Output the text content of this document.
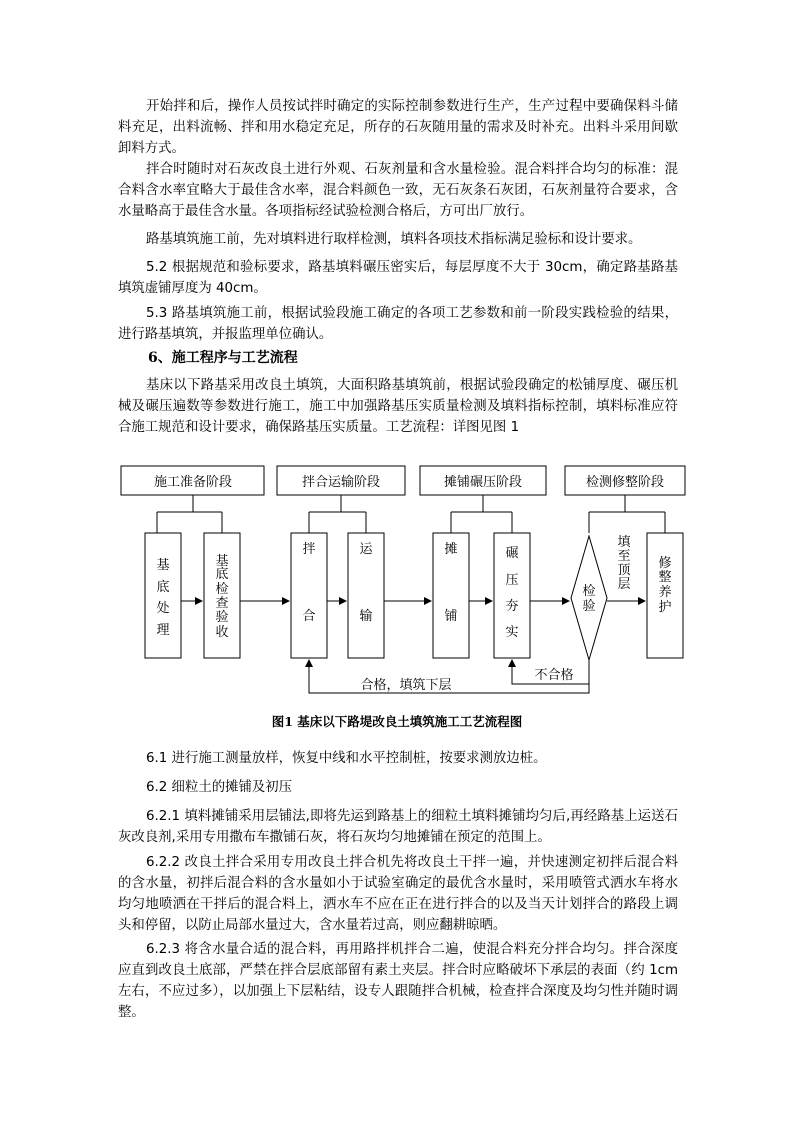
开始拌和后，操作人员按试拌时确定的实际控制参数进行生产，生产过程中要确保料斗储料充足，出料流畅、拌和用水稳定充足，所存的石灰随用量的需求及时补充。出料斗采用间歇卸料方式。

拌合时随时对石灰改良土进行外观、石灰剂量和含水量检验。混合料拌合均匀的标准：混合料含水率宜略大于最佳含水率，混合料颜色一致，无石灰条石灰团，石灰剂量符合要求，含水量略高于最佳含水量。各项指标经试验检测合格后，方可出厂放行。

路基填筑施工前，先对填料进行取样检测，填料各项技术指标满足验标和设计要求。

5.2 根据规范和验标要求，路基填料碾压密实后，每层厚度不大于 30cm，确定路基路基填筑虚铺厚度为 40cm。

5.3 路基填筑施工前，根据试验段施工确定的各项工艺参数和前一阶段实践检验的结果，进行路基填筑，并报监理单位确认。

6、施工程序与工艺流程

基床以下路基采用改良土填筑，大面积路基填筑前，根据试验段确定的松铺厚度、碾压机械及碾压遍数等参数进行施工，施工中加强路基压实质量检测及填料指标控制，填料标准应符合施工规范和设计要求，确保路基压实质量。工艺流程：详图见图 1

施工准备阶段	拌合运输阶段	摊铺碾压阶段	检测修整阶段
基
底
处
理
基
底
检
查
验
收
拌
合
运
输
摊
铺
碾
压
夯
实
检
验
修
整
养
护
填
至
顶
层
不合格
合格，填筑下层

图1 基床以下路堤改良土填筑施工工艺流程图

6.1 进行施工测量放样，恢复中线和水平控制桩，按要求测放边桩。

6.2 细粒土的摊铺及初压

6.2.1 填料摊铺采用层铺法,即将先运到路基上的细粒土填料摊铺均匀后,再经路基上运送石灰改良剂,采用专用撒布车撒铺石灰，将石灰均匀地摊铺在预定的范围上。

6.2.2 改良土拌合采用专用改良土拌合机先将改良土干拌一遍，并快速测定初拌后混合料的含水量，初拌后混合料的含水量如小于试验室确定的最优含水量时，采用喷管式洒水车将水均匀地喷洒在干拌后的混合料上，洒水车不应在正在进行拌合的以及当天计划拌合的路段上调头和停留，以防止局部水量过大，含水量若过高，则应翻耕晾晒。

6.2.3 将含水量合适的混合料，再用路拌机拌合二遍，使混合料充分拌合均匀。拌合深度应直到改良土底部，严禁在拌合层底部留有素土夹层。拌合时应略破坏下承层的表面（约 1cm 左右，不应过多），以加强上下层粘结，设专人跟随拌合机械，检查拌合深度及均匀性并随时调整。
